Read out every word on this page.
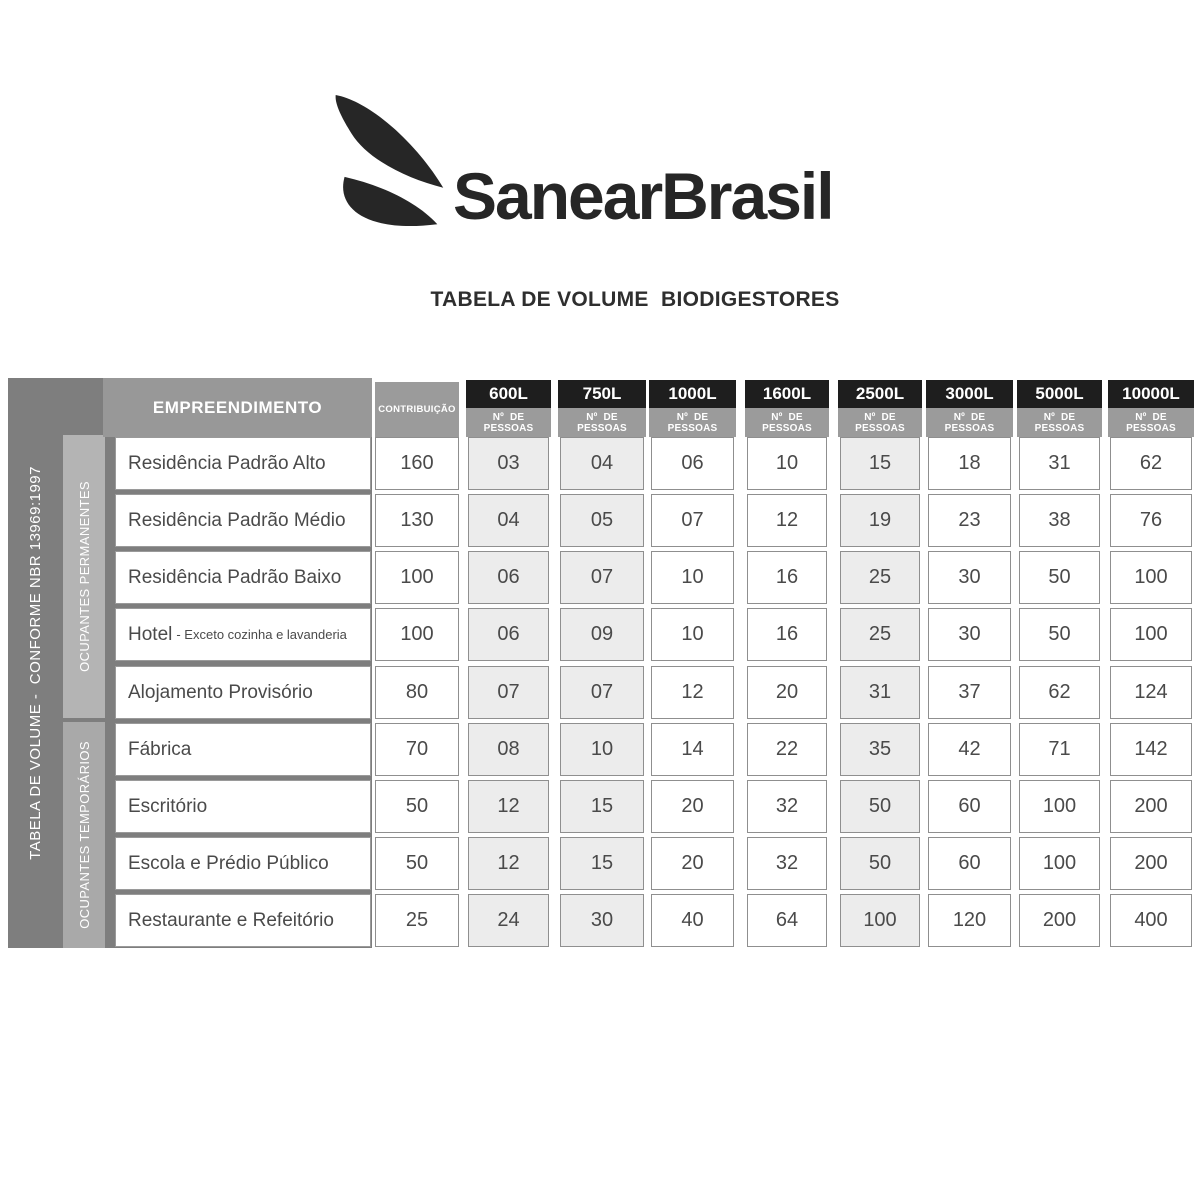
SanearBrasil
TABELA DE VOLUME  BIODIGESTORES
TABELA DE VOLUME -  CONFORME NBR 13969:1997	OCUPANTES PERMANENTES
OCUPANTES TEMPORÁRIOS
EMPREENDIMENTO
Residência Padrão Alto
Residência Padrão Médio
Residência Padrão Baixo
Hotel - Exceto cozinha e lavanderia
Alojamento Provisório
Fábrica
Escritório
Escola e Prédio Público
Restaurante e Refeitório
CONTRIBUIÇÃO
160
130
100
100
80
70
50
50
25
600L
Nº  DE
PESSOAS
03
04
06
06
07
08
12
12
24
750L
Nº  DE
PESSOAS
04
05
07
09
07
10
15
15
30
1000L
Nº  DE
PESSOAS
06
07
10
10
12
14
20
20
40
1600L
Nº  DE
PESSOAS
10
12
16
16
20
22
32
32
64
2500L
Nº  DE
PESSOAS
15
19
25
25
31
35
50
50
100
3000L
Nº  DE
PESSOAS
18
23
30
30
37
42
60
60
120
5000L
Nº  DE
PESSOAS
31
38
50
50
62
71
100
100
200
10000L
Nº  DE
PESSOAS
62
76
100
100
124
142
200
200
400
